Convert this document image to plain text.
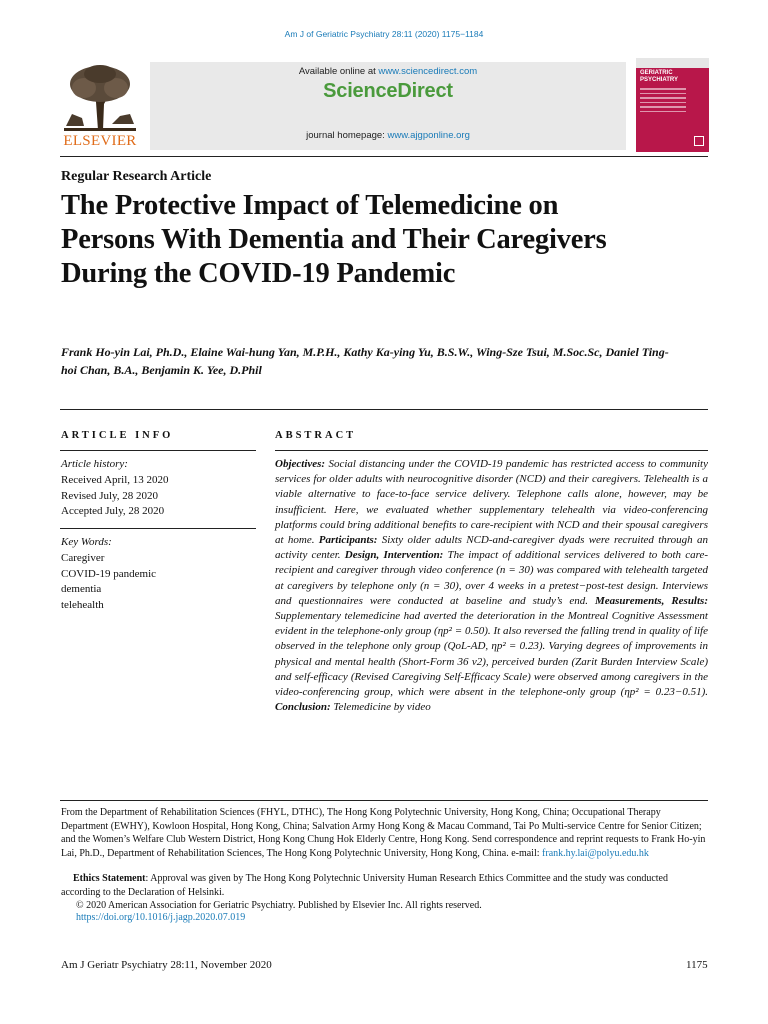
Am J of Geriatric Psychiatry 28:11 (2020) 1175−1184
ELSEVIER
Available online at www.sciencedirect.com
ScienceDirect
journal homepage: www.ajgponline.org
GERIATRIC
PSYCHIATRY
Regular Research Article
The Protective Impact of Telemedicine on Persons With Dementia and Their Caregivers During the COVID-19 Pandemic
Frank Ho-yin Lai, Ph.D., Elaine Wai-hung Yan, M.P.H., Kathy Ka-ying Yu, B.S.W., Wing-Sze Tsui, M.Soc.Sc, Daniel Ting-hoi Chan, B.A., Benjamin K. Yee, D.Phil
ARTICLE INFO
Article history:
Received April, 13 2020
Revised July, 28 2020
Accepted July, 28 2020
Key Words:
Caregiver
COVID-19 pandemic
dementia
telehealth
ABSTRACT
Objectives: Social distancing under the COVID-19 pandemic has restricted access to community services for older adults with neurocognitive disorder (NCD) and their caregivers. Telehealth is a viable alternative to face-to-face service delivery. Telephone calls alone, however, may be insufficient. Here, we evaluated whether supplementary telehealth via video-conferencing platforms could bring additional benefits to care-recipient with NCD and their spousal caregivers at home. Participants: Sixty older adults NCD-and-caregiver dyads were recruited through an activity center. Design, Intervention: The impact of additional services delivered to both care-recipient and caregiver through video conference (n = 30) was compared with telehealth targeted at caregivers by telephone only (n = 30), over 4 weeks in a pretest−post-test design. Interviews and questionnaires were conducted at baseline and study’s end. Measurements, Results: Supplementary telemedicine had averted the deterioration in the Montreal Cognitive Assessment evident in the telephone-only group (ηp² = 0.50). It also reversed the falling trend in quality of life observed in the telephone only group (QoL-AD, ηp² = 0.23). Varying degrees of improvements in physical and mental health (Short-Form 36 v2), perceived burden (Zarit Burden Interview Scale) and self-efficacy (Revised Caregiving Self-Efficacy Scale) were observed among caregivers in the video-conferencing group, which were absent in the telephone-only group (ηp² = 0.23−0.51). Conclusion: Telemedicine by video
From the Department of Rehabilitation Sciences (FHYL, DTHC), The Hong Kong Polytechnic University, Hong Kong, China; Occupational Therapy Department (EWHY), Kowloon Hospital, Hong Kong, China; Salvation Army Hong Kong & Macau Command, Tai Po Multi-service Centre for Senior Citizen; and the Women’s Welfare Club Western District, Hong Kong Chung Hok Elderly Centre, Hong Kong. Send correspondence and reprint requests to Frank Ho-yin Lai, Ph.D., Department of Rehabilitation Sciences, The Hong Kong Polytechnic University, Hong Kong, China. e-mail: frank.hy.lai@polyu.edu.hk
Ethics Statement: Approval was given by The Hong Kong Polytechnic University Human Research Ethics Committee and the study was conducted according to the Declaration of Helsinki.
© 2020 American Association for Geriatric Psychiatry. Published by Elsevier Inc. All rights reserved.
https://doi.org/10.1016/j.jagp.2020.07.019
Am J Geriatr Psychiatry 28:11, November 2020	1175
